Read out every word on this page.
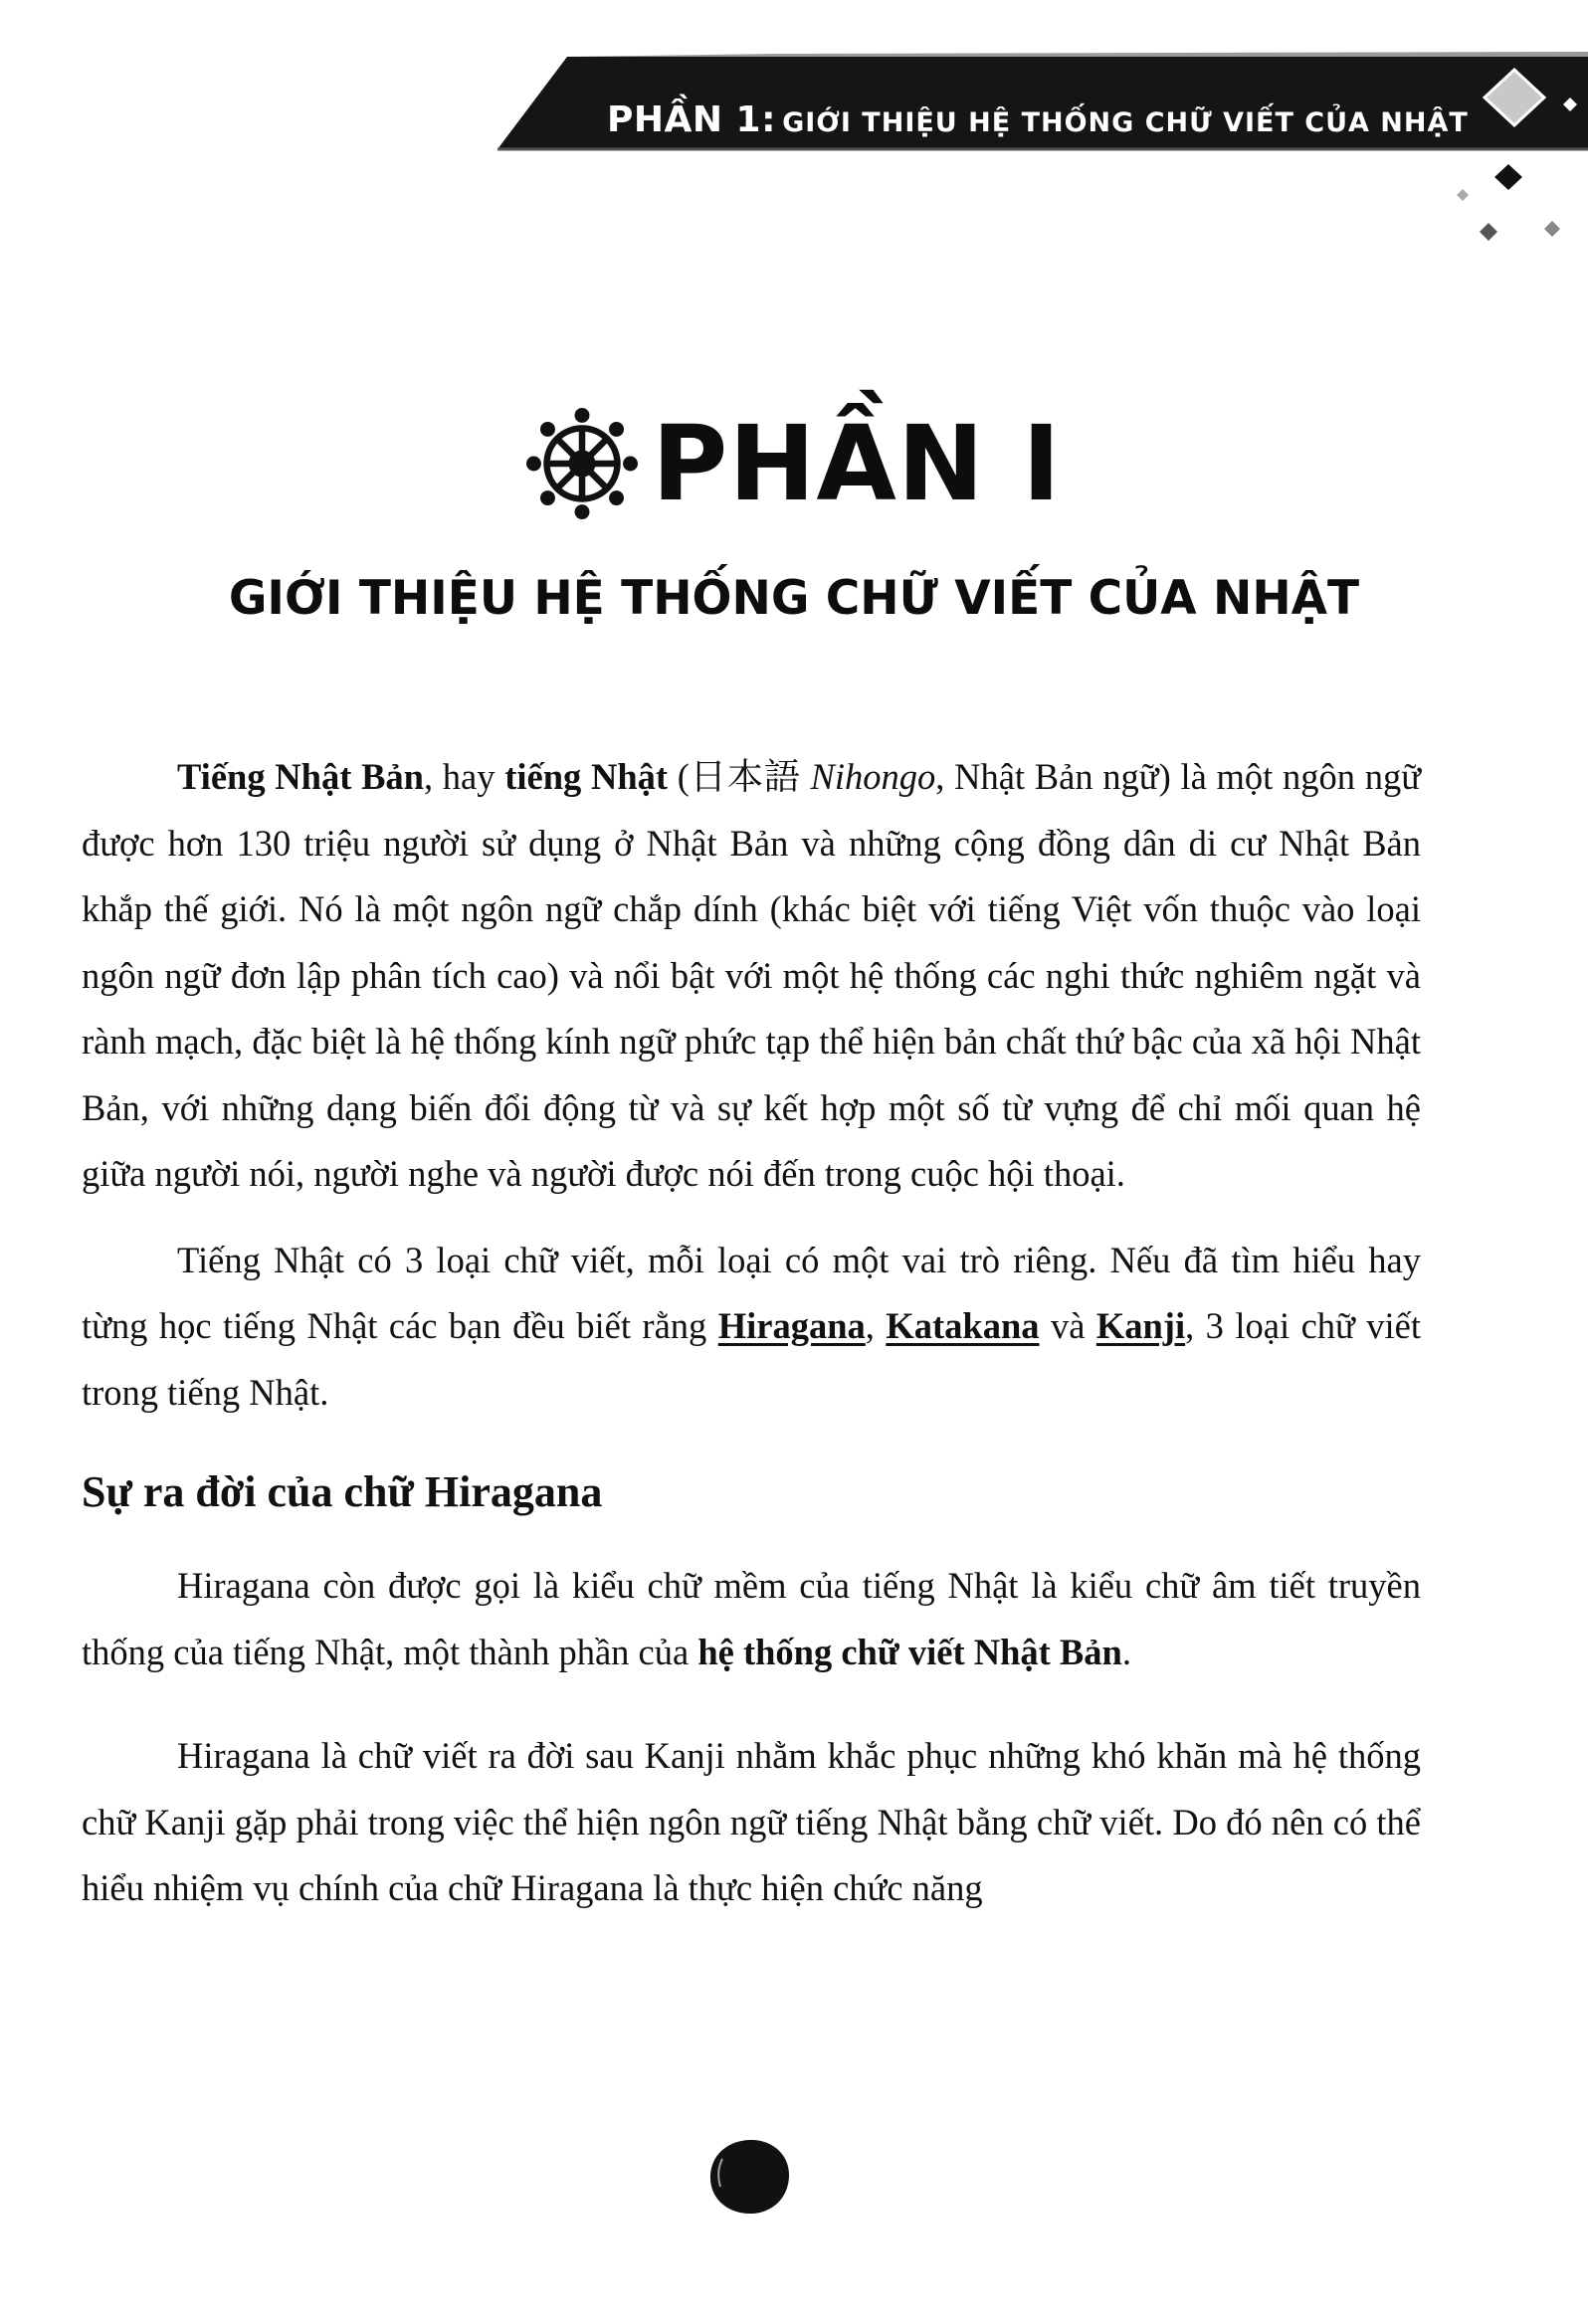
PHẦN 1: GIỚI THIỆU HỆ THỐNG CHỮ VIẾT CỦA NHẬT
PHẦN I
GIỚI THIỆU HỆ THỐNG CHỮ VIẾT CỦA NHẬT

Tiếng Nhật Bản, hay tiếng Nhật (日本語 Nihongo, Nhật Bản ngữ) là một ngôn ngữ được hơn 130 triệu người sử dụng ở Nhật Bản và những cộng đồng dân di cư Nhật Bản khắp thế giới. Nó là một ngôn ngữ chắp dính (khác biệt với tiếng Việt vốn thuộc vào loại ngôn ngữ đơn lập phân tích cao) và nổi bật với một hệ thống các nghi thức nghiêm ngặt và rành mạch, đặc biệt là hệ thống kính ngữ phức tạp thể hiện bản chất thứ bậc của xã hội Nhật Bản, với những dạng biến đổi động từ và sự kết hợp một số từ vựng để chỉ mối quan hệ giữa người nói, người nghe và người được nói đến trong cuộc hội thoại.

Tiếng Nhật có 3 loại chữ viết, mỗi loại có một vai trò riêng. Nếu đã tìm hiểu hay từng học tiếng Nhật các bạn đều biết rằng Hiragana, Katakana và Kanji, 3 loại chữ viết trong tiếng Nhật.

Sự ra đời của chữ Hiragana

Hiragana còn được gọi là kiểu chữ mềm của tiếng Nhật là kiểu chữ âm tiết truyền thống của tiếng Nhật, một thành phần của hệ thống chữ viết Nhật Bản.

Hiragana là chữ viết ra đời sau Kanji nhằm khắc phục những khó khăn mà hệ thống chữ Kanji gặp phải trong việc thể hiện ngôn ngữ tiếng Nhật bằng chữ viết. Do đó nên có thể hiểu nhiệm vụ chính của chữ Hiragana là thực hiện chức năng
